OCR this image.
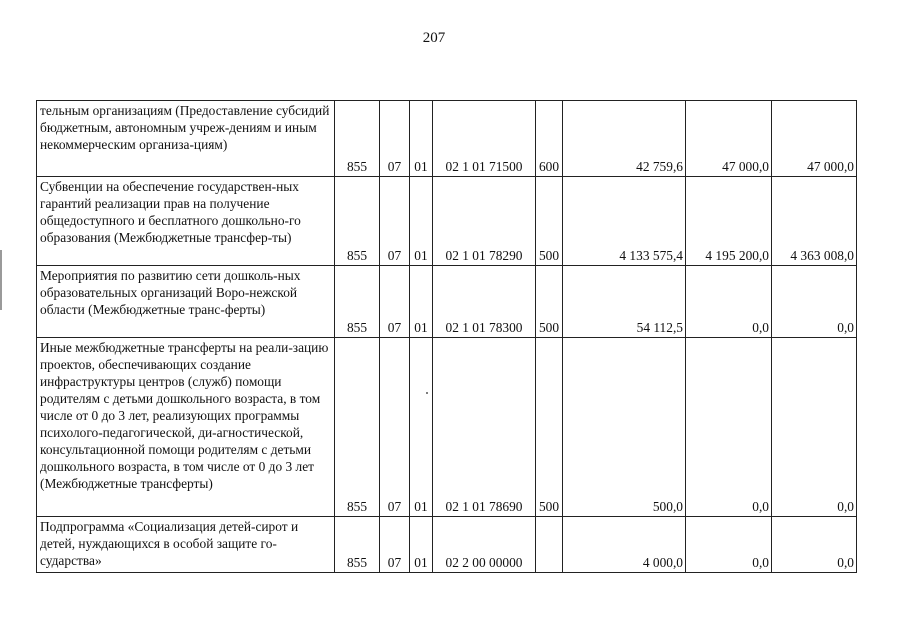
207
тельным организациям (Предоставление субсидий бюджетным, автономным учреж-дениям и иным некоммерческим организа-циям)	855	07	01	02 1 01 71500	600	42 759,6	47 000,0	47 000,0
Субвенции на обеспечение государствен-ных гарантий реализации прав на получение общедоступного и бесплатного дошкольно-го образования (Межбюджетные трансфер-ты)	855	07	01	02 1 01 78290	500	4 133 575,4	4 195 200,0	4 363 008,0
Мероприятия по развитию сети дошколь-ных образовательных организаций Воро-нежской области (Межбюджетные транс-ферты)	855	07	01	02 1 01 78300	500	54 112,5	0,0	0,0
Иные межбюджетные трансферты на реали-зацию проектов, обеспечивающих создание инфраструктуры центров (служб) помощи родителям с детьми дошкольного возраста, в том числе от 0 до 3 лет, реализующих программы психолого-педагогической, ди-агностической, консультационной помощи родителям с детьми дошкольного возраста, в том числе от 0 до 3 лет (Межбюджетные трансферты)	855	07	01	02 1 01 78690	500	500,0	0,0	0,0
Подпрограмма «Социализация детей-сирот и детей, нуждающихся в особой защите го-сударства»	855	07	01	02 2 00 00000		4 000,0	0,0	0,0
